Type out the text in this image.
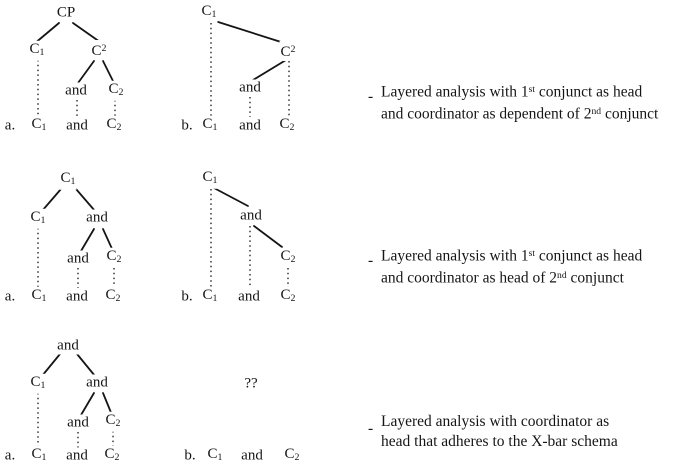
CP
$C_1$	$C^2$
and $C_2$
a. $C_1$ and $C_2$
$C_1$
$C^2$
and
b. $C_1$ and $C_2$
$C_1$
$C_1$	and
and $C_2$
a. $C_1$ and $C_2$
$C_1$
and
$C_2$
b. $C_1$ and $C_2$
and
$C_1$	and
and $C_2$
a. $C_1$ and $C_2$
??
b. $C_1$ and $C_2$
- Layered analysis with 1st conjunct as head
and coordinator as dependent of 2nd conjunct
- Layered analysis with 1st conjunct as head
and coordinator as head of 2nd conjunct
- Layered analysis with coordinator as
head that adheres to the X-bar schema
